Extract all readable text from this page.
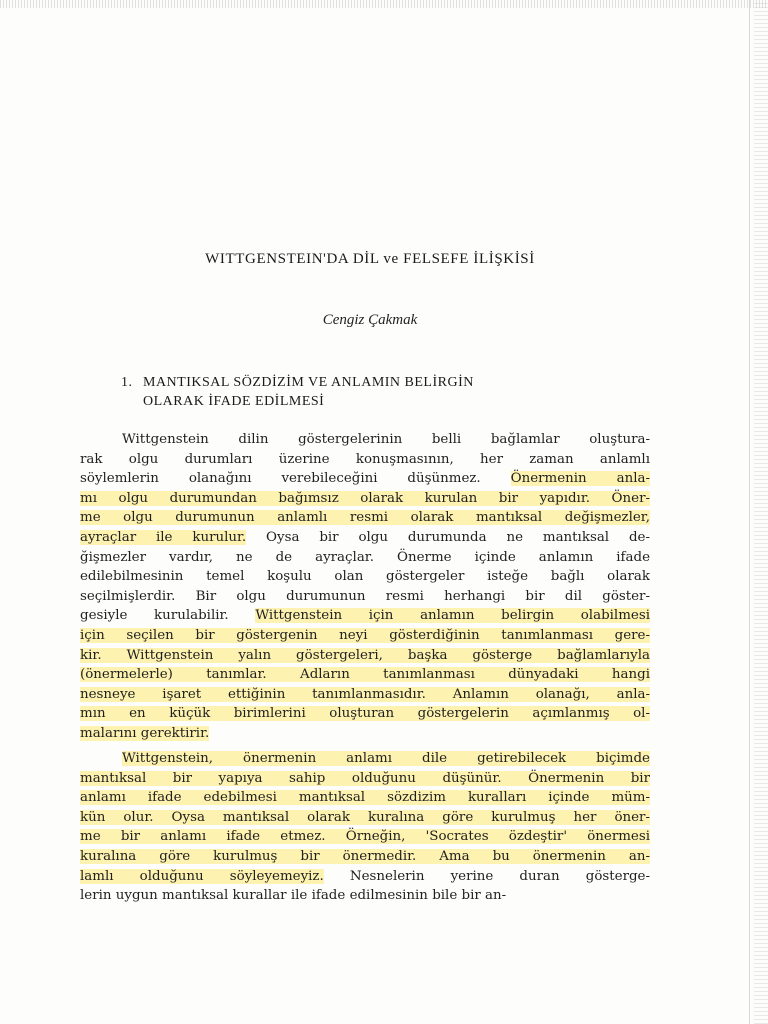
WITTGENSTEIN'DA DİL ve FELSEFE İLİŞKİSİ
Cengiz Çakmak
1. MANTIKSAL SÖZDİZİM VE ANLAMIN BELİRGİN
OLARAK İFADE EDİLMESİ
Wittgenstein dilin göstergelerinin belli bağlamlar oluştura-
rak olgu durumları üzerine konuşmasının, her zaman anlamlı
söylemlerin olanağını verebileceğini düşünmez. Önermenin anla-
mı olgu durumundan bağımsız olarak kurulan bir yapıdır. Öner-
me olgu durumunun anlamlı resmi olarak mantıksal değişmezler,
ayraçlar ile kurulur. Oysa bir olgu durumunda ne mantıksal de-
ğişmezler vardır, ne de ayraçlar. Önerme içinde anlamın ifade
edilebilmesinin temel koşulu olan göstergeler isteğe bağlı olarak
seçilmişlerdir. Bir olgu durumunun resmi herhangi bir dil göster-
gesiyle kurulabilir. Wittgenstein için anlamın belirgin olabilmesi
için seçilen bir göstergenin neyi gösterdiğinin tanımlanması gere-
kir. Wittgenstein yalın göstergeleri, başka gösterge bağlamlarıyla
(önermelerle) tanımlar. Adların tanımlanması dünyadaki hangi
nesneye işaret ettiğinin tanımlanmasıdır. Anlamın olanağı, anla-
mın en küçük birimlerini oluşturan göstergelerin açımlanmış ol-
malarını gerektirir.
Wittgenstein, önermenin anlamı dile getirebilecek biçimde
mantıksal bir yapıya sahip olduğunu düşünür. Önermenin bir
anlamı ifade edebilmesi mantıksal sözdizim kuralları içinde müm-
kün olur. Oysa mantıksal olarak kuralına göre kurulmuş her öner-
me bir anlamı ifade etmez. Örneğin, 'Socrates özdeştir' önermesi
kuralına göre kurulmuş bir önermedir. Ama bu önermenin an-
lamlı olduğunu söyleyemeyiz. Nesnelerin yerine duran gösterge-
lerin uygun mantıksal kurallar ile ifade edilmesinin bile bir an-
